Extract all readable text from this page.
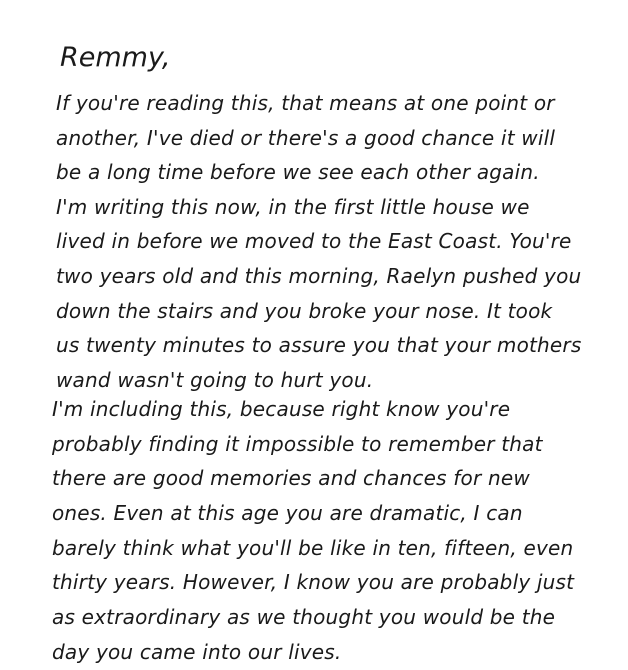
Remmy,
If you're reading this, that means at one point or
another, I've died or there's a good chance it will
be a long time before we see each other again.
I'm writing this now, in the first little house we
lived in before we moved to the East Coast. You're
two years old and this morning, Raelyn pushed you
down the stairs and you broke your nose. It took
us twenty minutes to assure you that your mothers
wand wasn't going to hurt you.
I'm including this, because right know you're
probably finding it impossible to remember that
there are good memories and chances for new
ones. Even at this age you are dramatic, I can
barely think what you'll be like in ten, fifteen, even
thirty years. However, I know you are probably just
as extraordinary as we thought you would be the
day you came into our lives.
